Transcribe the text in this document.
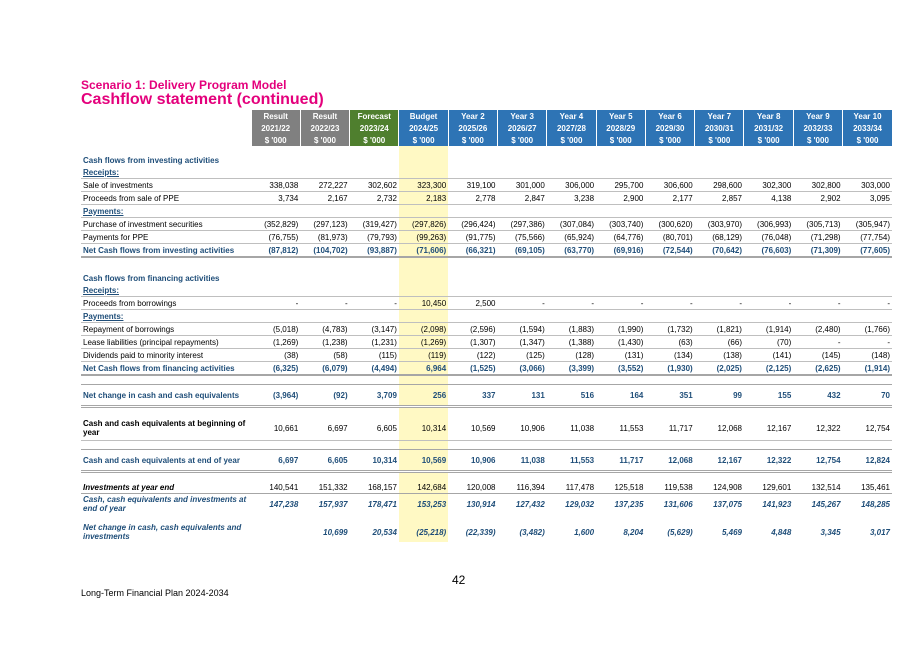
Scenario 1: Delivery Program Model
Cashflow statement (continued)
	Result	Result	Forecast	Budget	Year 2	Year 3	Year 4	Year 5	Year 6	Year 7	Year 8	Year 9	Year 10
	2021/22	2022/23	2023/24	2024/25	2025/26	2026/27	2027/28	2028/29	2029/30	2030/31	2031/32	2032/33	2033/34
	$ '000	$ '000	$ '000	$ '000	$ '000	$ '000	$ '000	$ '000	$ '000	$ '000	$ '000	$ '000	$ '000

Cash flows from investing activities													
Receipts:													
Sale of investments	338,038	272,227	302,602	323,300	319,100	301,000	306,000	295,700	306,600	298,600	302,300	302,800	303,000
Proceeds from sale of PPE	3,734	2,167	2,732	2,183	2,778	2,847	3,238	2,900	2,177	2,857	4,138	2,902	3,095
Payments:													
Purchase of investment securities	(352,829)	(297,123)	(319,427)	(297,826)	(296,424)	(297,386)	(307,084)	(303,740)	(300,620)	(303,970)	(306,993)	(305,713)	(305,947)
Payments for PPE	(76,755)	(81,973)	(79,793)	(99,263)	(91,775)	(75,566)	(65,924)	(64,776)	(80,701)	(68,129)	(76,048)	(71,298)	(77,754)
Net Cash flows from investing activities	(87,812)	(104,702)	(93,887)	(71,606)	(66,321)	(69,105)	(63,770)	(69,916)	(72,544)	(70,642)	(76,603)	(71,309)	(77,605)

Cash flows from financing activities													
Receipts:													
Proceeds from borrowings	-	-	-	10,450	2,500	-	-	-	-	-	-	-	-
Payments:													
Repayment of borrowings	(5,018)	(4,783)	(3,147)	(2,098)	(2,596)	(1,594)	(1,883)	(1,990)	(1,732)	(1,821)	(1,914)	(2,480)	(1,766)
Lease liabilities (principal repayments)	(1,269)	(1,238)	(1,231)	(1,269)	(1,307)	(1,347)	(1,388)	(1,430)	(63)	(66)	(70)	-	-
Dividends paid to minority interest	(38)	(58)	(115)	(119)	(122)	(125)	(128)	(131)	(134)	(138)	(141)	(145)	(148)
Net Cash flows from financing activities	(6,325)	(6,079)	(4,494)	6,964	(1,525)	(3,066)	(3,399)	(3,552)	(1,930)	(2,025)	(2,125)	(2,625)	(1,914)

Net change in cash and cash equivalents	(3,964)	(92)	3,709	256	337	131	516	164	351	99	155	432	70

Cash and cash equivalents at beginning of year	10,661	6,697	6,605	10,314	10,569	10,906	11,038	11,553	11,717	12,068	12,167	12,322	12,754

Cash and cash equivalents at end of year	6,697	6,605	10,314	10,569	10,906	11,038	11,553	11,717	12,068	12,167	12,322	12,754	12,824

Investments at year end	140,541	151,332	168,157	142,684	120,008	116,394	117,478	125,518	119,538	124,908	129,601	132,514	135,461
Cash, cash equivalents and investments at end of year	147,238	157,937	178,471	153,253	130,914	127,432	129,032	137,235	131,606	137,075	141,923	145,267	148,285

Net change in cash, cash equivalents and investments		10,699	20,534	(25,218)	(22,339)	(3,482)	1,600	8,204	(5,629)	5,469	4,848	3,345	3,017
42
Long-Term Financial Plan 2024-2034
